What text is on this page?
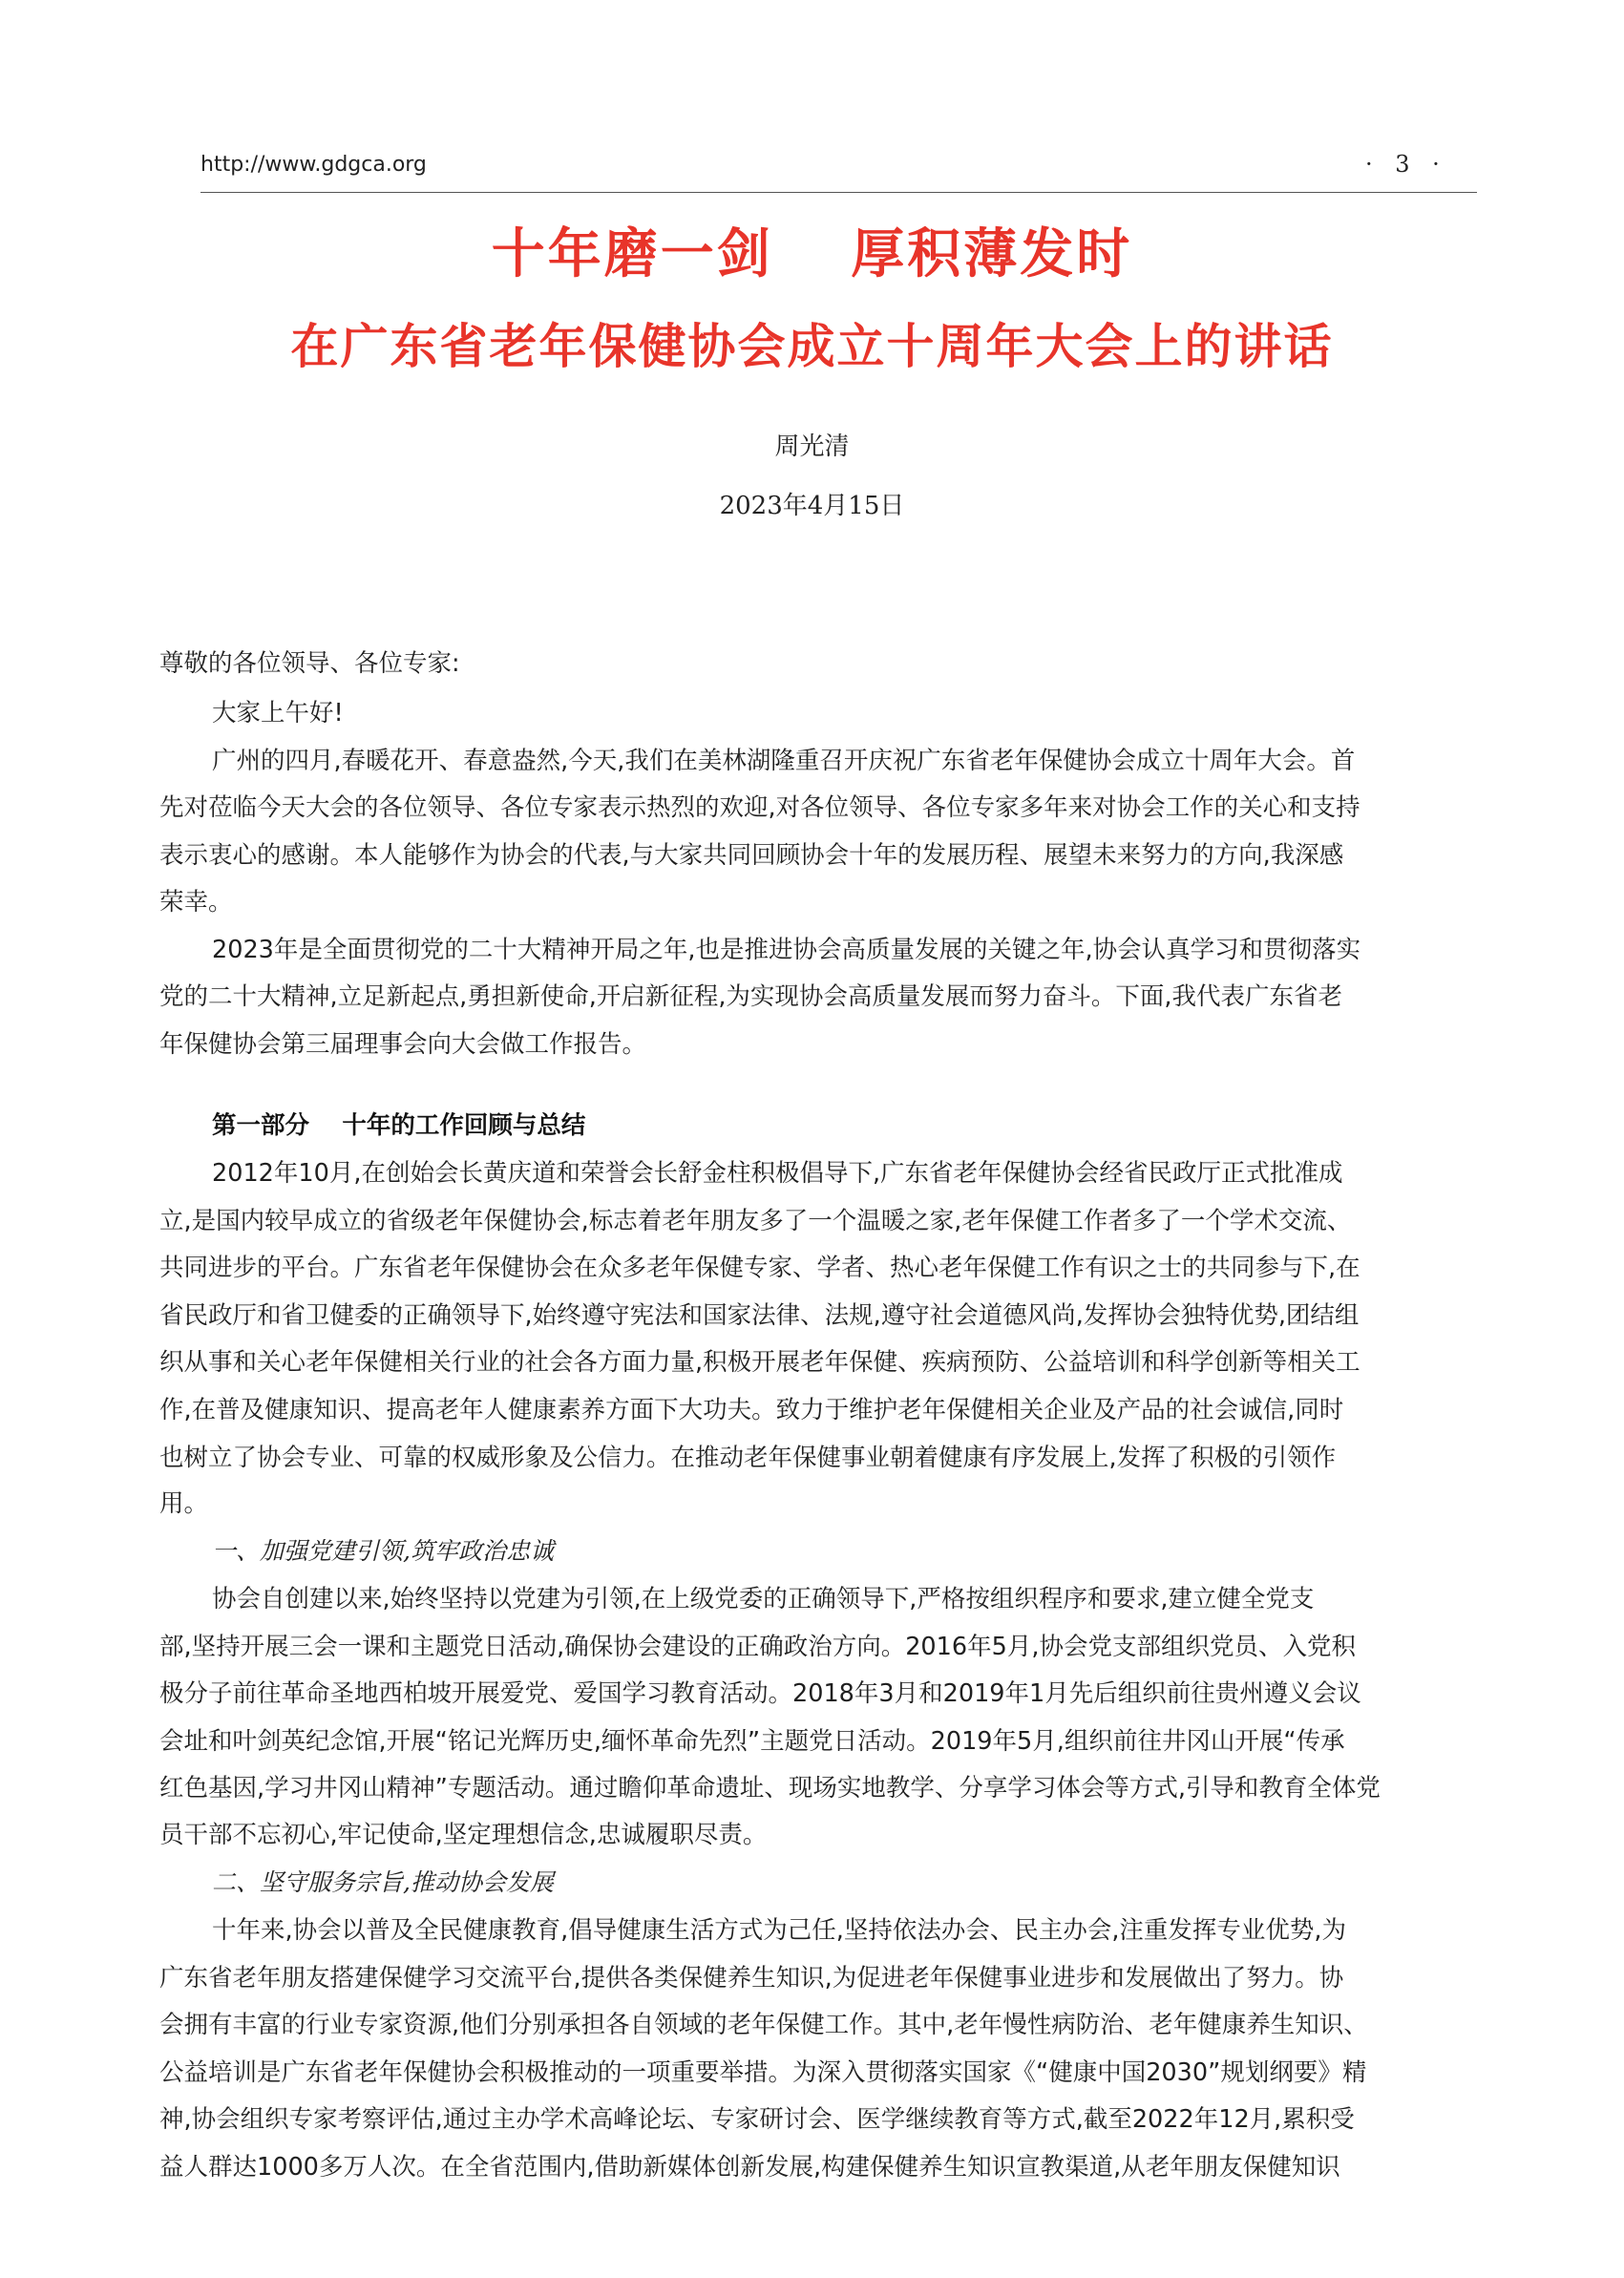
http://www.gdgca.org	· 3 ·
十年磨一剑　 厚积薄发时
在广东省老年保健协会成立十周年大会上的讲话
周光清
2023年4月15日
尊敬的各位领导、各位专家:
大家上午好!
广州的四月,春暖花开、春意盎然,今天,我们在美林湖隆重召开庆祝广东省老年保健协会成立十周年大会。首
先对莅临今天大会的各位领导、各位专家表示热烈的欢迎,对各位领导、各位专家多年来对协会工作的关心和支持
表示衷心的感谢。本人能够作为协会的代表,与大家共同回顾协会十年的发展历程、展望未来努力的方向,我深感
荣幸。
2023年是全面贯彻党的二十大精神开局之年,也是推进协会高质量发展的关键之年,协会认真学习和贯彻落实
党的二十大精神,立足新起点,勇担新使命,开启新征程,为实现协会高质量发展而努力奋斗。下面,我代表广东省老
年保健协会第三届理事会向大会做工作报告。
第一部分　 十年的工作回顾与总结
2012年10月,在创始会长黄庆道和荣誉会长舒金柱积极倡导下,广东省老年保健协会经省民政厅正式批准成
立,是国内较早成立的省级老年保健协会,标志着老年朋友多了一个温暖之家,老年保健工作者多了一个学术交流、
共同进步的平台。广东省老年保健协会在众多老年保健专家、学者、热心老年保健工作有识之士的共同参与下,在
省民政厅和省卫健委的正确领导下,始终遵守宪法和国家法律、法规,遵守社会道德风尚,发挥协会独特优势,团结组
织从事和关心老年保健相关行业的社会各方面力量,积极开展老年保健、疾病预防、公益培训和科学创新等相关工
作,在普及健康知识、提高老年人健康素养方面下大功夫。致力于维护老年保健相关企业及产品的社会诚信,同时
也树立了协会专业、可靠的权威形象及公信力。在推动老年保健事业朝着健康有序发展上,发挥了积极的引领作
用。
一、加强党建引领,筑牢政治忠诚
协会自创建以来,始终坚持以党建为引领,在上级党委的正确领导下,严格按组织程序和要求,建立健全党支
部,坚持开展三会一课和主题党日活动,确保协会建设的正确政治方向。2016年5月,协会党支部组织党员、入党积
极分子前往革命圣地西柏坡开展爱党、爱国学习教育活动。2018年3月和2019年1月先后组织前往贵州遵义会议
会址和叶剑英纪念馆,开展“铭记光辉历史,缅怀革命先烈”主题党日活动。2019年5月,组织前往井冈山开展“传承
红色基因,学习井冈山精神”专题活动。通过瞻仰革命遗址、现场实地教学、分享学习体会等方式,引导和教育全体党
员干部不忘初心,牢记使命,坚定理想信念,忠诚履职尽责。
二、坚守服务宗旨,推动协会发展
十年来,协会以普及全民健康教育,倡导健康生活方式为己任,坚持依法办会、民主办会,注重发挥专业优势,为
广东省老年朋友搭建保健学习交流平台,提供各类保健养生知识,为促进老年保健事业进步和发展做出了努力。协
会拥有丰富的行业专家资源,他们分别承担各自领域的老年保健工作。其中,老年慢性病防治、老年健康养生知识、
公益培训是广东省老年保健协会积极推动的一项重要举措。为深入贯彻落实国家《“健康中国2030”规划纲要》精
神,协会组织专家考察评估,通过主办学术高峰论坛、专家研讨会、医学继续教育等方式,截至2022年12月,累积受
益人群达1000多万人次。在全省范围内,借助新媒体创新发展,构建保健养生知识宣教渠道,从老年朋友保健知识
